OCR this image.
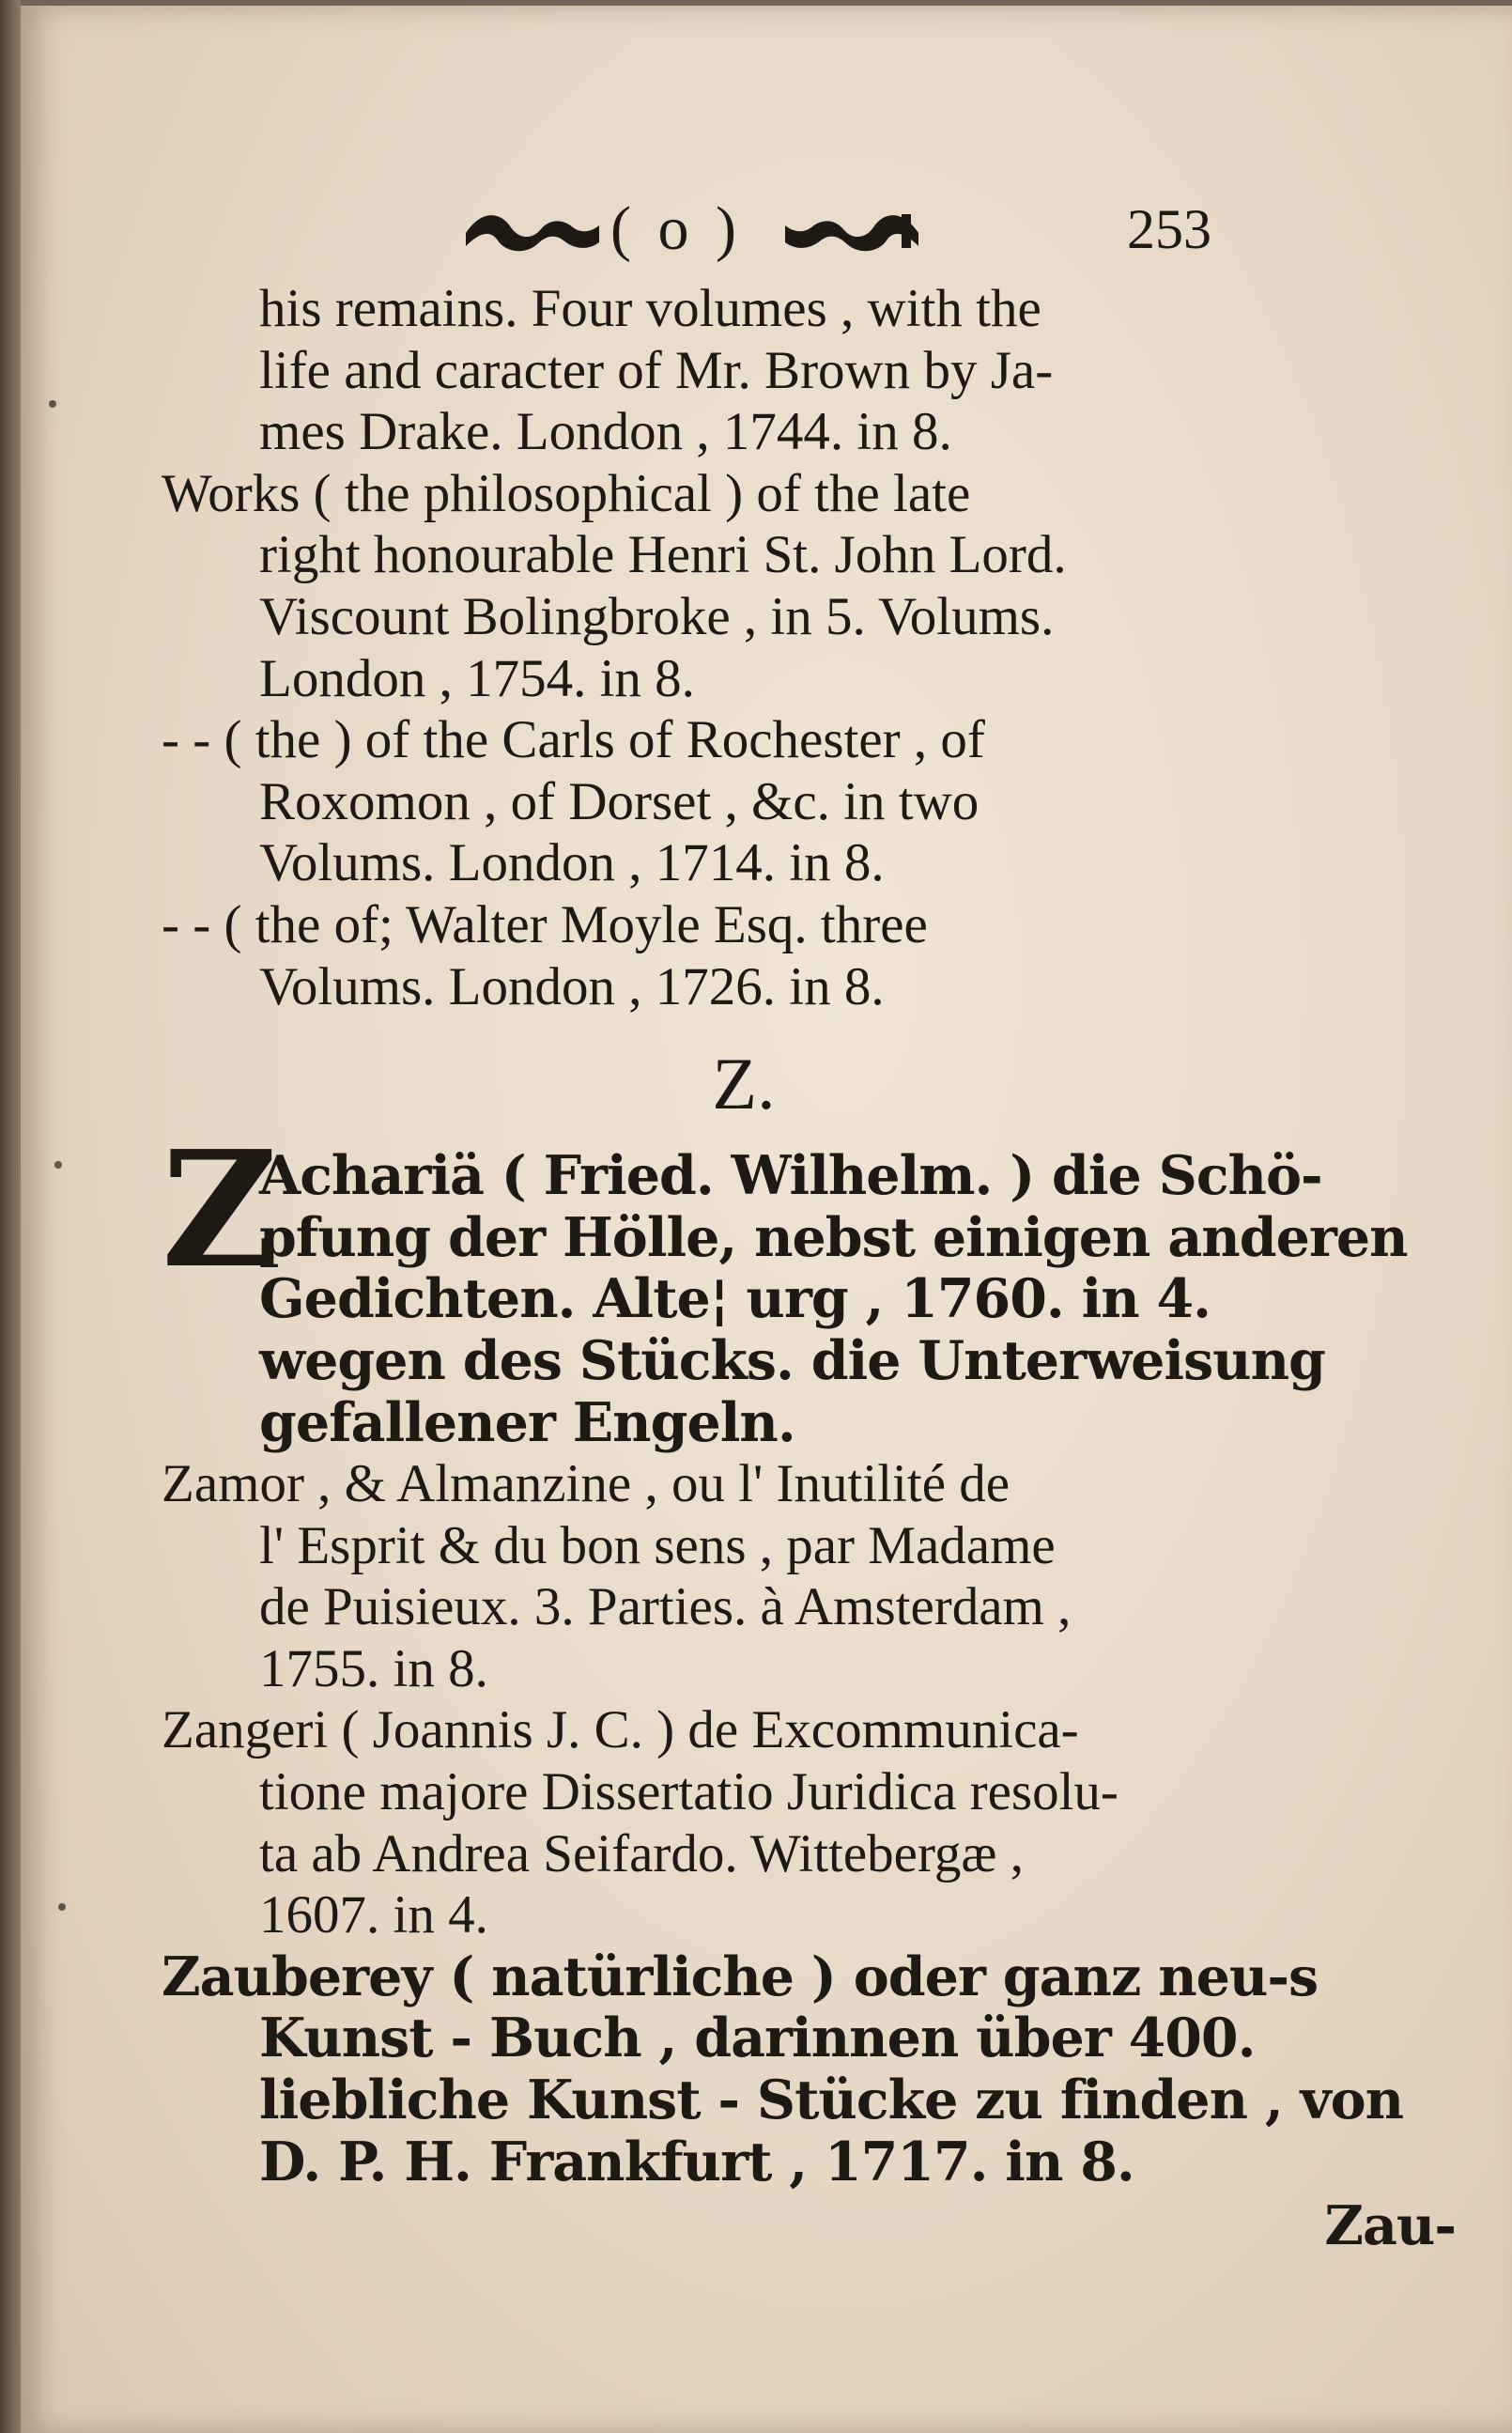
( o )	253

his remains. Four volumes , with the
life and caracter of Mr. Brown by Ja-
mes Drake. London , 1744. in 8.

Works ( the philosophical ) of the late
right honourable Henri St. John Lord.
Viscount Bolingbroke , in 5. Volums.
London , 1754. in 8.

- - ( the ) of the Carls of Rochester , of
Roxomon , of Dorset , &c. in two
Volums. London , 1714. in 8.

- - ( the of; Walter Moyle Esq. three
Volums. London , 1726. in 8.

Z.
Z

Achariä ( Fried. Wilhelm. ) die Schö-
pfung der Hölle, nebst einigen anderen
Gedichten. Alte¦ urg , 1760. in 4.
wegen des Stücks. die Unterweisung
gefallener Engeln.

Zamor , & Almanzine , ou l' Inutilité de
l' Esprit & du bon sens , par Madame
de Puisieux. 3. Parties. à Amsterdam ,
1755. in 8.

Zangeri ( Joannis J. C. ) de Excommunica-
tione majore Dissertatio Juridica resolu-
ta ab Andrea Seifardo. Wittebergæ ,
1607. in 4.

Zauberey ( natürliche ) oder ganz neu-s
Kunst - Buch , darinnen über 400.
liebliche Kunst - Stücke zu finden , von
D. P. H. Frankfurt , 1717. in 8.

Zau-
